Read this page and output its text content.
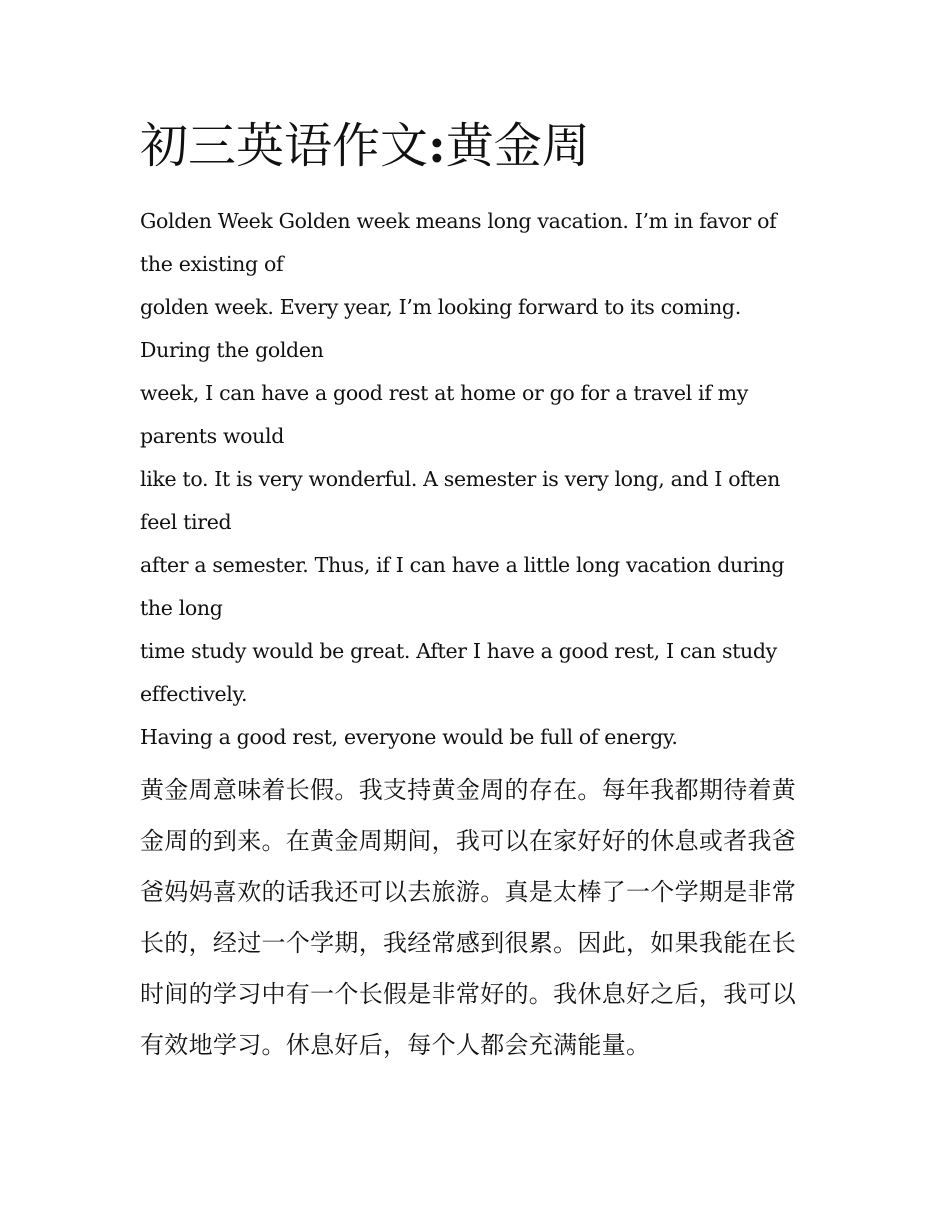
初三英语作文:黄金周
Golden Week Golden week means long vacation. I’m in favor of
the existing of
golden week. Every year, I’m looking forward to its coming.
During the golden
week, I can have a good rest at home or go for a travel if my
parents would
like to. It is very wonderful. A semester is very long, and I often
feel tired
after a semester. Thus, if I can have a little long vacation during
the long
time study would be great. After I have a good rest, I can study
effectively.
Having a good rest, everyone would be full of energy.
黄金周意味着长假。我支持黄金周的存在。每年我都期待着黄
金周的到来。在黄金周期间，我可以在家好好的休息或者我爸
爸妈妈喜欢的话我还可以去旅游。真是太棒了一个学期是非常
长的，经过一个学期，我经常感到很累。因此，如果我能在长
时间的学习中有一个长假是非常好的。我休息好之后，我可以
有效地学习。休息好后，每个人都会充满能量。
